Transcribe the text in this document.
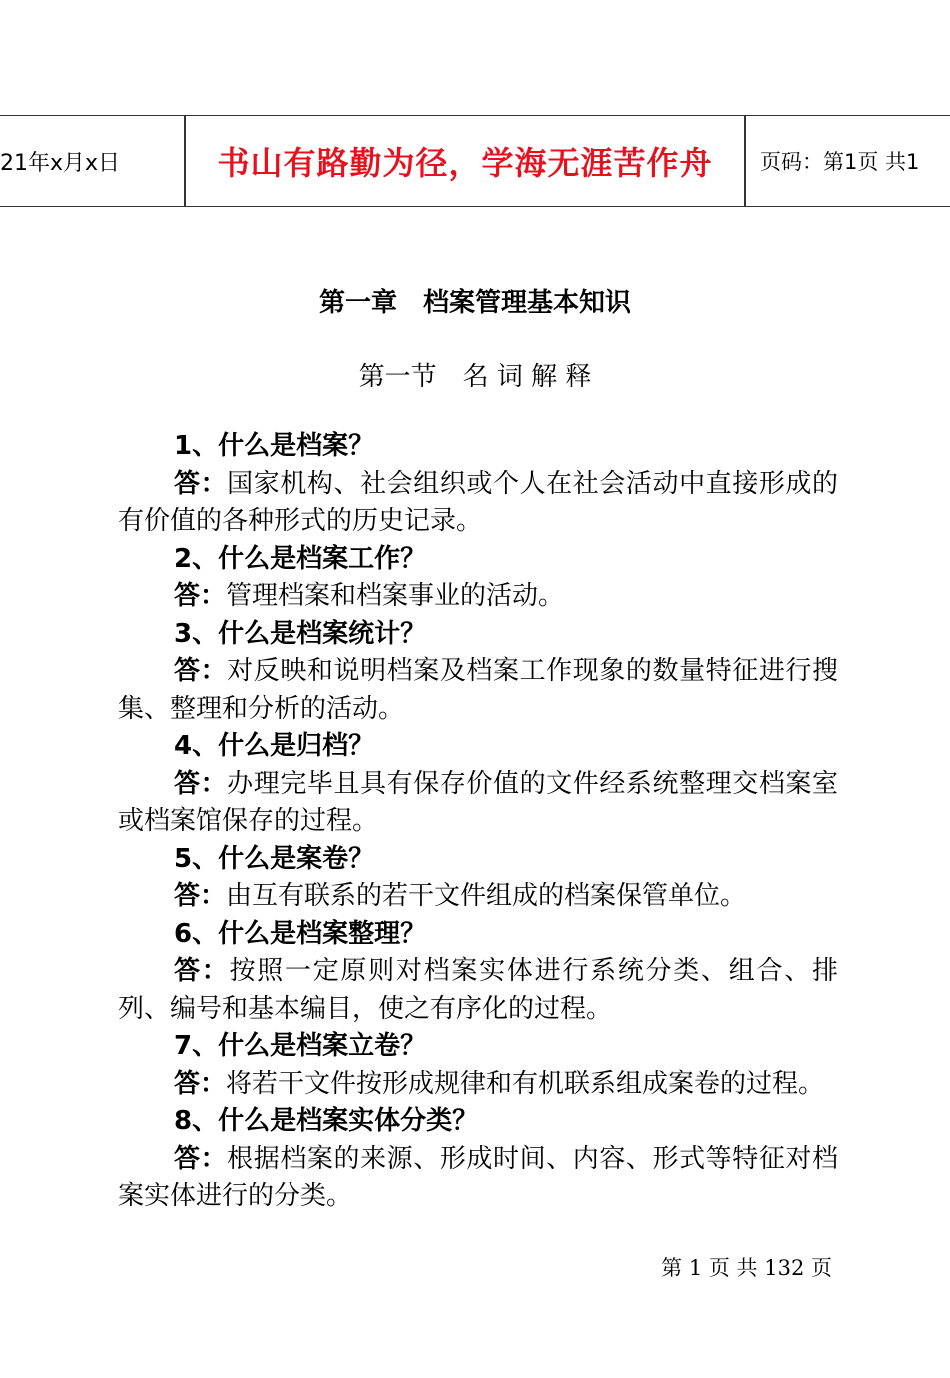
21年x月x日	书山有路勤为径，学海无涯苦作舟	页码：第1页 共1
第一章　档案管理基本知识
第一节　名 词 解 释

1、什么是档案？

答：国家机构、社会组织或个人在社会活动中直接形成的有价值的各种形式的历史记录。

2、什么是档案工作？

答：管理档案和档案事业的活动。

3、什么是档案统计？

答：对反映和说明档案及档案工作现象的数量特征进行搜集、整理和分析的活动。

4、什么是归档？

答：办理完毕且具有保存价值的文件经系统整理交档案室或档案馆保存的过程。

5、什么是案卷？

答：由互有联系的若干文件组成的档案保管单位。

6、什么是档案整理？

答：按照一定原则对档案实体进行系统分类、组合、排列、编号和基本编目，使之有序化的过程。

7、什么是档案立卷？

答：将若干文件按形成规律和有机联系组成案卷的过程。

8、什么是档案实体分类？

答：根据档案的来源、形成时间、内容、形式等特征对档案实体进行的分类。

第 1 页 共 132 页
